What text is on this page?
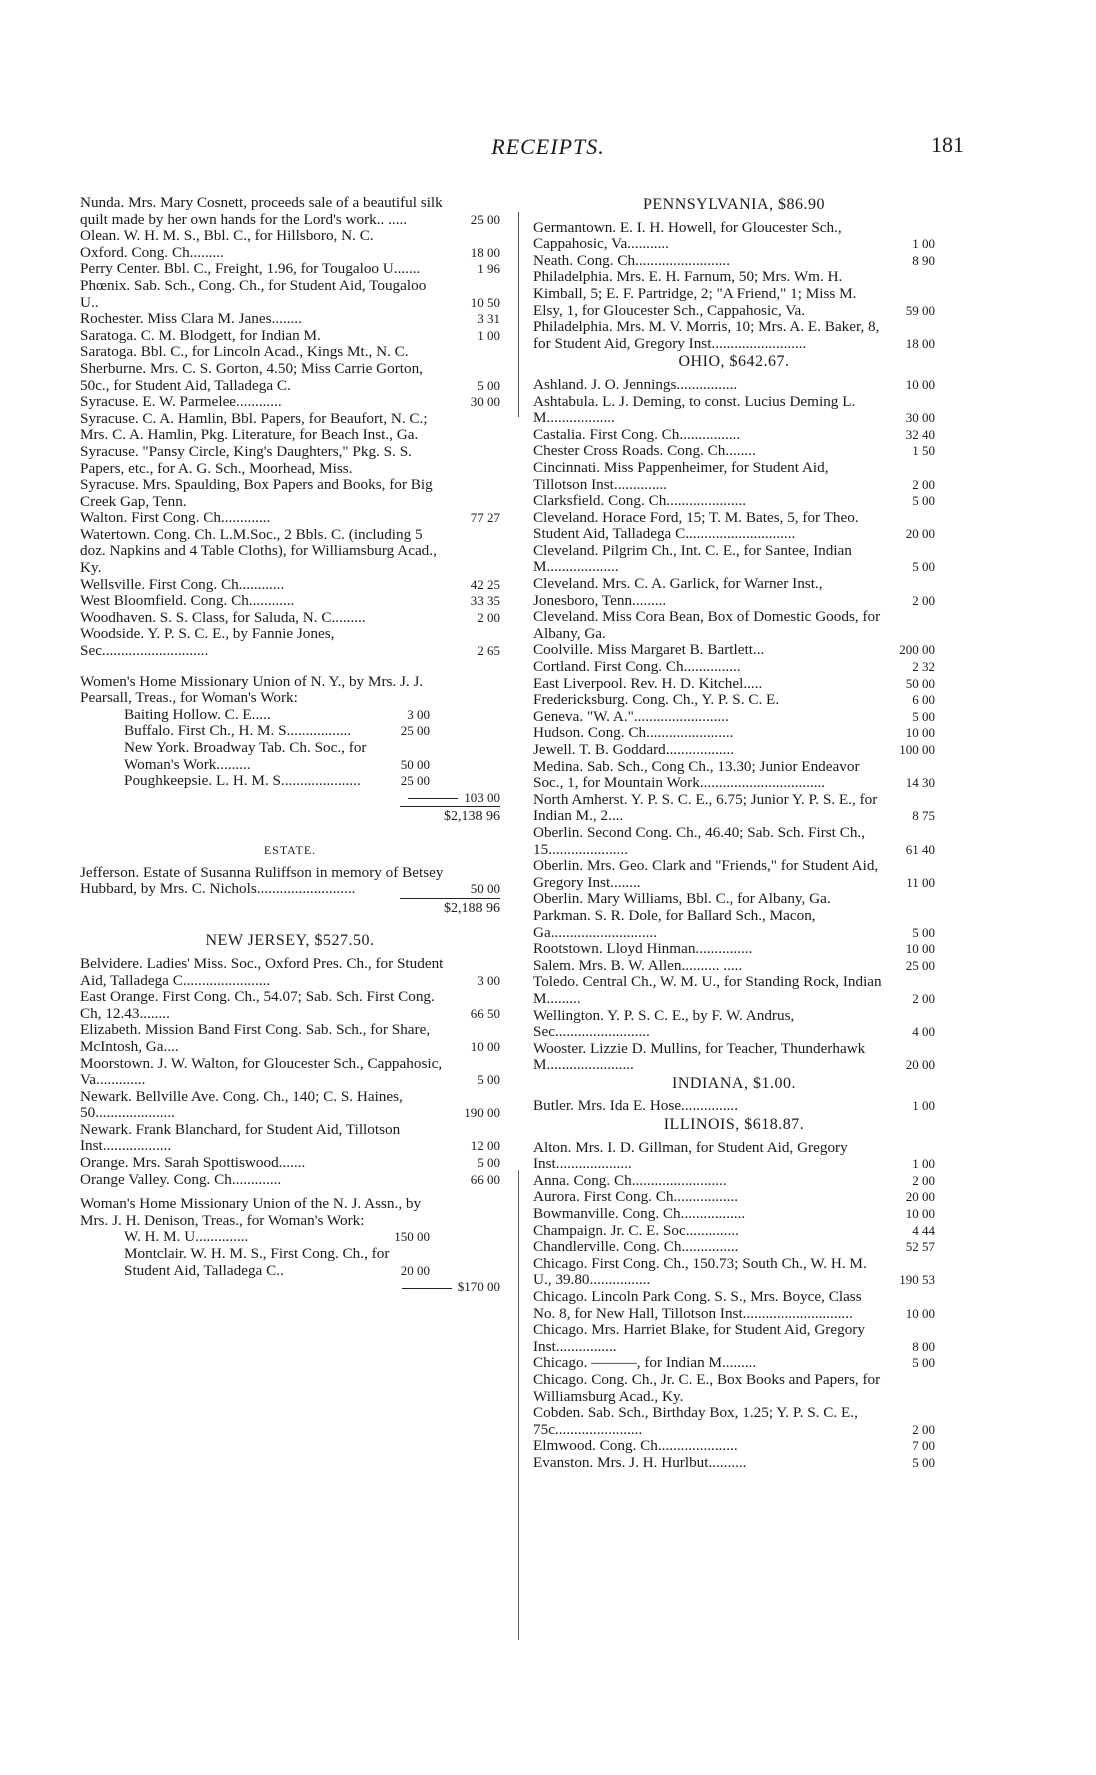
RECEIPTS.	181
Nunda. Mrs. Mary Cosnett, proceeds sale of a beautiful silk quilt made by her own hands for the Lord's work.. .....	25 00
Olean. W. H. M. S., Bbl. C., for Hillsboro, N. C.
Oxford. Cong. Ch.........	18 00
Perry Center. Bbl. C., Freight, 1.96, for Tougaloo U.......	1 96
Phœnix. Sab. Sch., Cong. Ch., for Student Aid, Tougaloo U..	10 50
Rochester. Miss Clara M. Janes........	3 31
Saratoga. C. M. Blodgett, for Indian M.	1 00
Saratoga. Bbl. C., for Lincoln Acad., Kings Mt., N. C.
Sherburne. Mrs. C. S. Gorton, 4.50; Miss Carrie Gorton, 50c., for Student Aid, Talladega C.	5 00
Syracuse. E. W. Parmelee............	30 00
Syracuse. C. A. Hamlin, Bbl. Papers, for Beaufort, N. C.; Mrs. C. A. Hamlin, Pkg. Literature, for Beach Inst., Ga.
Syracuse. "Pansy Circle, King's Daughters," Pkg. S. S. Papers, etc., for A. G. Sch., Moorhead, Miss.
Syracuse. Mrs. Spaulding, Box Papers and Books, for Big Creek Gap, Tenn.
Walton. First Cong. Ch.............	77 27
Watertown. Cong. Ch. L.M.Soc., 2 Bbls. C. (including 5 doz. Napkins and 4 Table Cloths), for Williamsburg Acad., Ky.
Wellsville. First Cong. Ch............	42 25
West Bloomfield. Cong. Ch............	33 35
Woodhaven. S. S. Class, for Saluda, N. C.........	2 00
Woodside. Y. P. S. C. E., by Fannie Jones, Sec............................	2 65
Women's Home Missionary Union of N. Y., by Mrs. J. J. Pearsall, Treas., for Woman's Work:
Baiting Hollow. C. E.....	3 00
Buffalo. First Ch., H. M. S.................	25 00
New York. Broadway Tab. Ch. Soc., for Woman's Work.........	50 00
Poughkeepsie. L. H. M. S.....................	25 00
103 00
$2,138 96
ESTATE.
Jefferson. Estate of Susanna Ruliffson in memory of Betsey Hubbard, by Mrs. C. Nichols..........................	50 00
$2,188 96
NEW JERSEY, $527.50.
Belvidere. Ladies' Miss. Soc., Oxford Pres. Ch., for Student Aid, Talladega C.......................	3 00
East Orange. First Cong. Ch., 54.07; Sab. Sch. First Cong. Ch, 12.43........	66 50
Elizabeth. Mission Band First Cong. Sab. Sch., for Share, McIntosh, Ga....	10 00
Moorstown. J. W. Walton, for Gloucester Sch., Cappahosic, Va.............	5 00
Newark. Bellville Ave. Cong. Ch., 140; C. S. Haines, 50.....................	190 00
Newark. Frank Blanchard, for Student Aid, Tillotson Inst..................	12 00
Orange. Mrs. Sarah Spottiswood.......	5 00
Orange Valley. Cong. Ch.............	66 00
Woman's Home Missionary Union of the N. J. Assn., by Mrs. J. H. Denison, Treas., for Woman's Work:
W. H. M. U..............	150 00
Montclair. W. H. M. S., First Cong. Ch., for Student Aid, Talladega C..	20 00
$170 00
PENNSYLVANIA, $86.90
Germantown. E. I. H. Howell, for Gloucester Sch., Cappahosic, Va...........	1 00
Neath. Cong. Ch.........................	8 90
Philadelphia. Mrs. E. H. Farnum, 50; Mrs. Wm. H. Kimball, 5; E. F. Partridge, 2; "A Friend," 1; Miss M. Elsy, 1, for Gloucester Sch., Cappahosic, Va.	59 00
Philadelphia. Mrs. M. V. Morris, 10; Mrs. A. E. Baker, 8, for Student Aid, Gregory Inst.........................	18 00
OHIO, $642.67.
Ashland. J. O. Jennings................	10 00
Ashtabula. L. J. Deming, to const. Lucius Deming L. M..................	30 00
Castalia. First Cong. Ch................	32 40
Chester Cross Roads. Cong. Ch........	1 50
Cincinnati. Miss Pappenheimer, for Student Aid, Tillotson Inst..............	2 00
Clarksfield. Cong. Ch.....................	5 00
Cleveland. Horace Ford, 15; T. M. Bates, 5, for Theo. Student Aid, Talladega C.............................	20 00
Cleveland. Pilgrim Ch., Int. C. E., for Santee, Indian M...................	5 00
Cleveland. Mrs. C. A. Garlick, for Warner Inst., Jonesboro, Tenn.........	2 00
Cleveland. Miss Cora Bean, Box of Domestic Goods, for Albany, Ga.
Coolville. Miss Margaret B. Bartlett...	200 00
Cortland. First Cong. Ch...............	2 32
East Liverpool. Rev. H. D. Kitchel.....	50 00
Fredericksburg. Cong. Ch., Y. P. S. C. E.	6 00
Geneva. "W. A.".........................	5 00
Hudson. Cong. Ch.......................	10 00
Jewell. T. B. Goddard..................	100 00
Medina. Sab. Sch., Cong Ch., 13.30; Junior Endeavor Soc., 1, for Mountain Work.................................	14 30
North Amherst. Y. P. S. C. E., 6.75; Junior Y. P. S. E., for Indian M., 2....	8 75
Oberlin. Second Cong. Ch., 46.40; Sab. Sch. First Ch., 15.....................	61 40
Oberlin. Mrs. Geo. Clark and "Friends," for Student Aid, Gregory Inst........	11 00
Oberlin. Mary Williams, Bbl. C., for Albany, Ga.
Parkman. S. R. Dole, for Ballard Sch., Macon, Ga............................	5 00
Rootstown. Lloyd Hinman...............	10 00
Salem. Mrs. B. W. Allen.......... .....	25 00
Toledo. Central Ch., W. M. U., for Standing Rock, Indian M.........	2 00
Wellington. Y. P. S. C. E., by F. W. Andrus, Sec.........................	4 00
Wooster. Lizzie D. Mullins, for Teacher, Thunderhawk M.......................	20 00
INDIANA, $1.00.
Butler. Mrs. Ida E. Hose...............	1 00
ILLINOIS, $618.87.
Alton. Mrs. I. D. Gillman, for Student Aid, Gregory Inst....................	1 00
Anna. Cong. Ch.........................	2 00
Aurora. First Cong. Ch.................	20 00
Bowmanville. Cong. Ch.................	10 00
Champaign. Jr. C. E. Soc..............	4 44
Chandlerville. Cong. Ch...............	52 57
Chicago. First Cong. Ch., 150.73; South Ch., W. H. M. U., 39.80................	190 53
Chicago. Lincoln Park Cong. S. S., Mrs. Boyce, Class No. 8, for New Hall, Tillotson Inst.............................	10 00
Chicago. Mrs. Harriet Blake, for Student Aid, Gregory Inst................	8 00
Chicago. ———, for Indian M.........	5 00
Chicago. Cong. Ch., Jr. C. E., Box Books and Papers, for Williamsburg Acad., Ky.
Cobden. Sab. Sch., Birthday Box, 1.25; Y. P. S. C. E., 75c.......................	2 00
Elmwood. Cong. Ch.....................	7 00
Evanston. Mrs. J. H. Hurlbut..........	5 00
